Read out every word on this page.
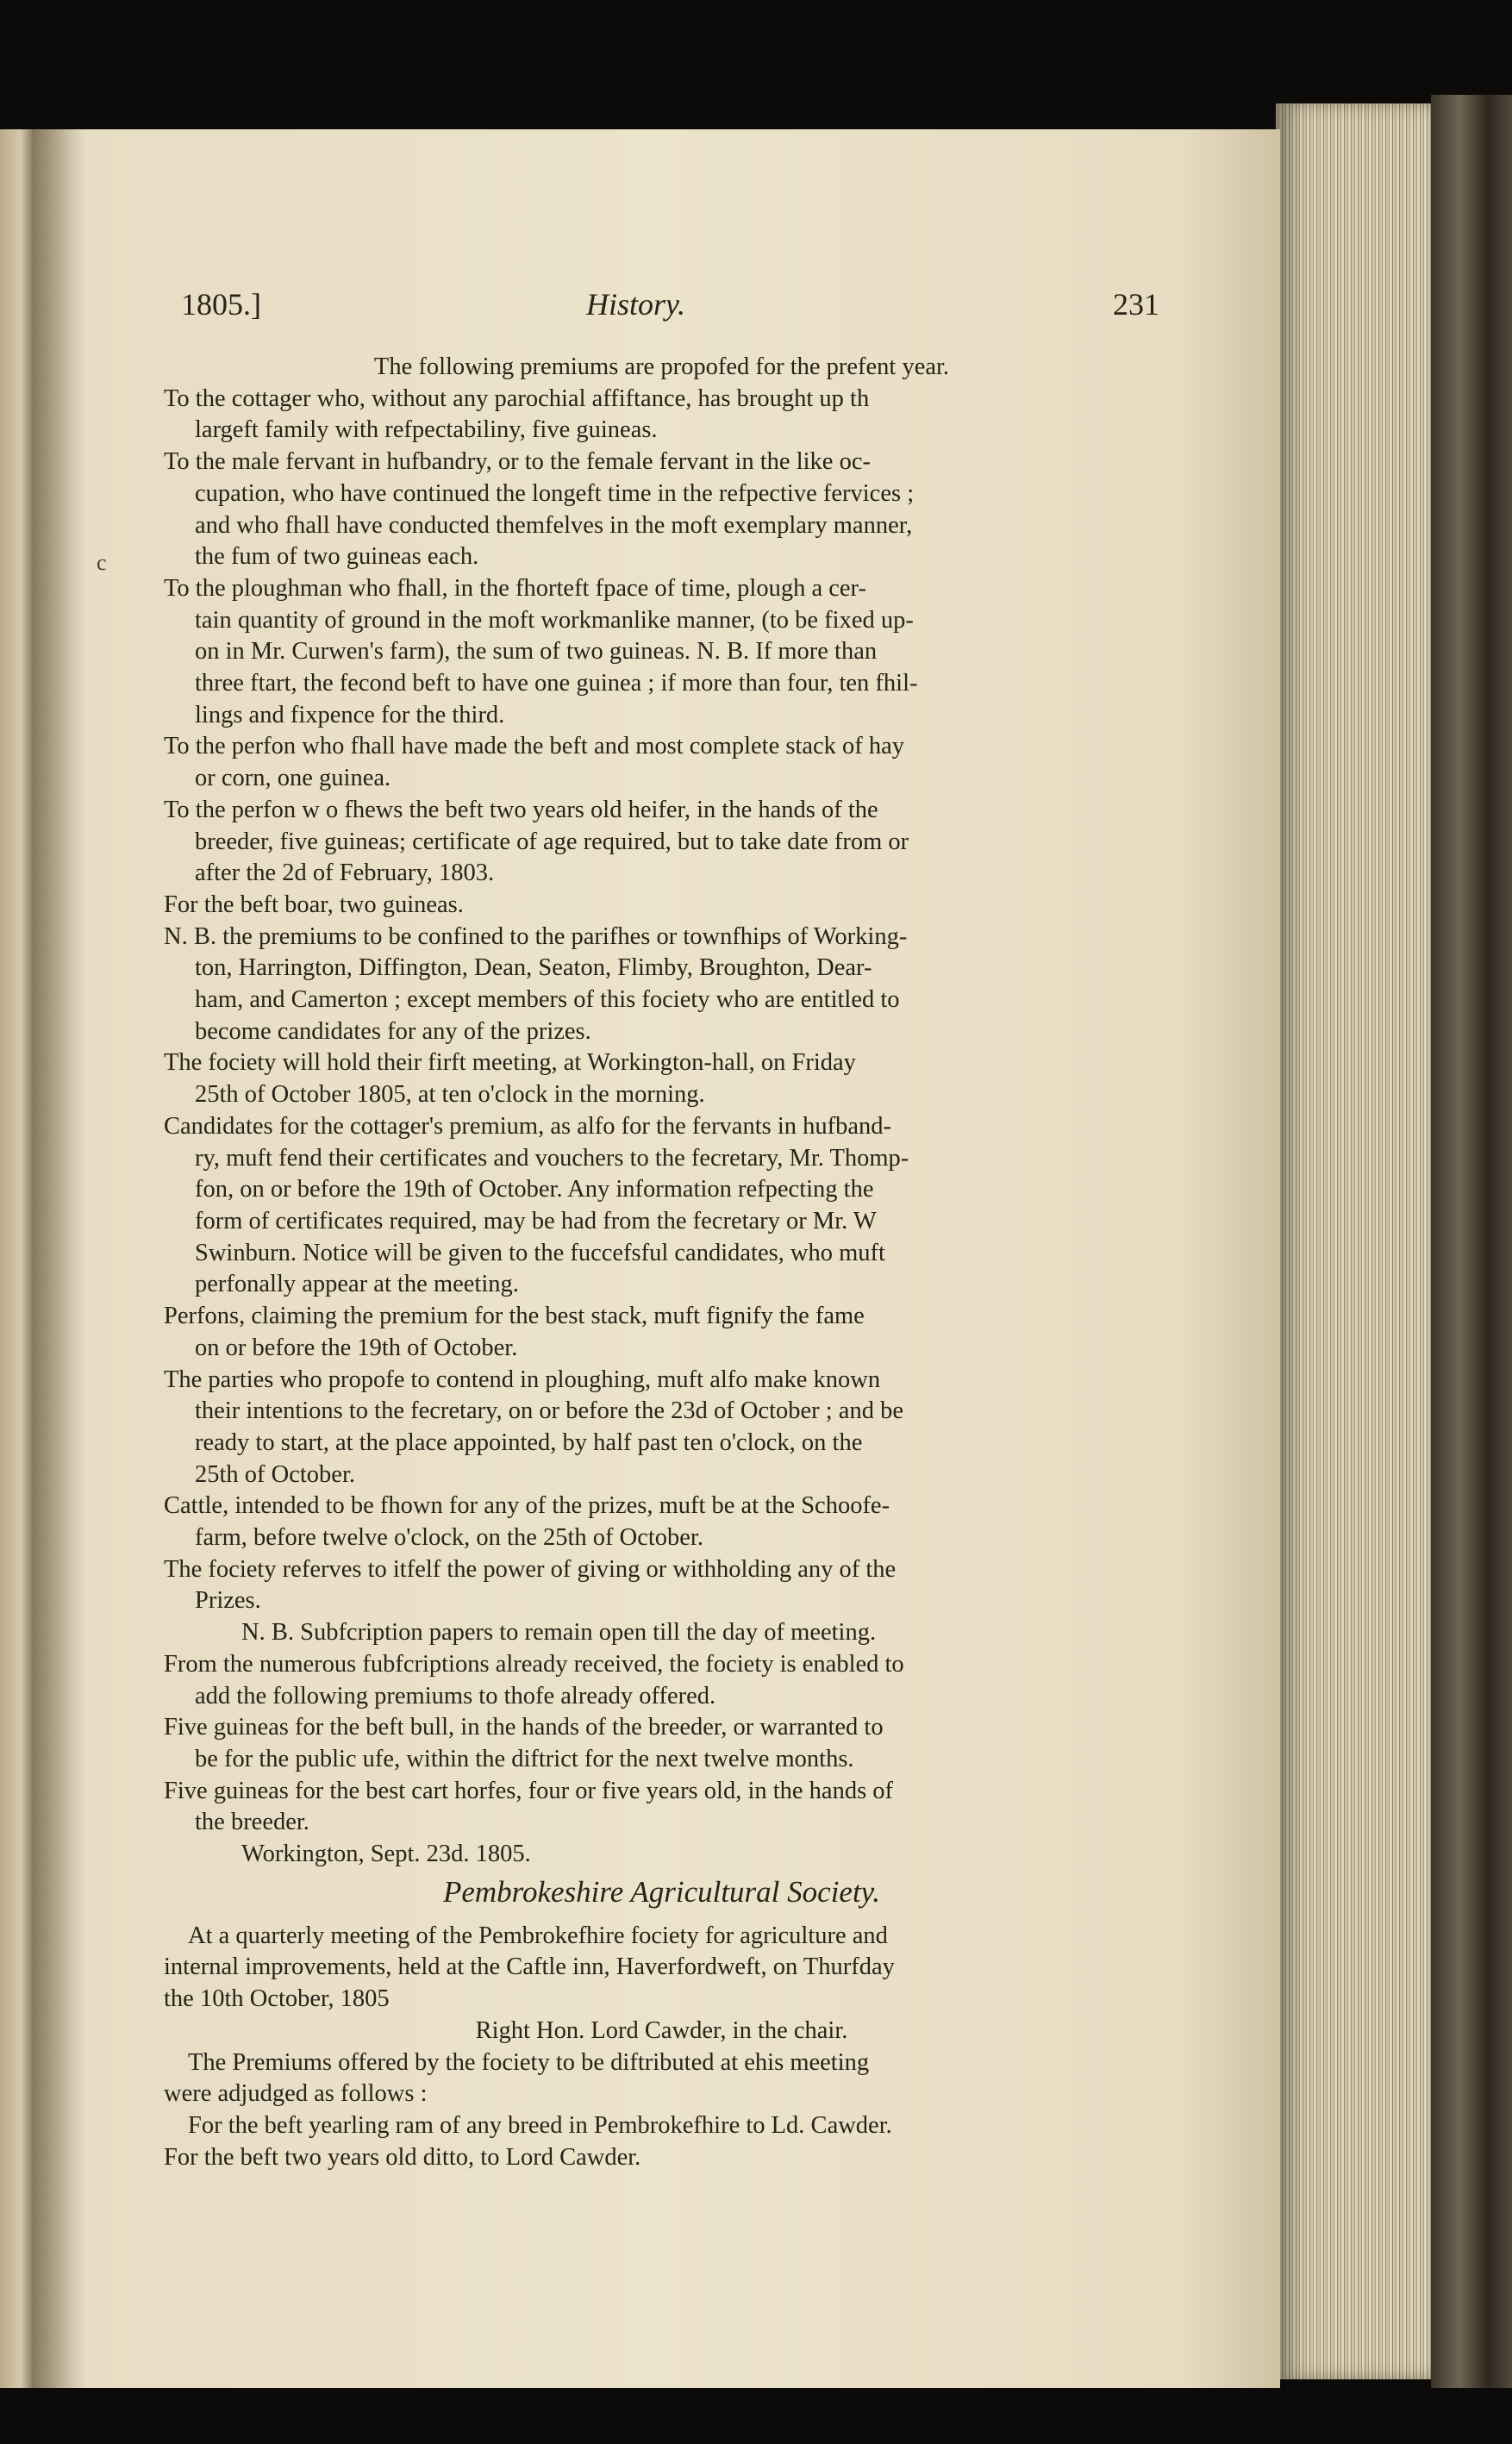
1805.]	History.	231
c

The following premiums are propofed for the prefent year.

To the cottager who, without any parochial affiftance, has brought up th

largeft family with refpectabiliny, five guineas.

To the male fervant in hufbandry, or to the female fervant in the like oc-

cupation, who have continued the longeft time in the refpective fervices ;

and who fhall have conducted themfelves in the moft exemplary manner,

the fum of two guineas each.

To the ploughman who fhall, in the fhorteft fpace of time, plough a cer-

tain quantity of ground in the moft workmanlike manner, (to be fixed up-

on in Mr. Curwen's farm), the sum of two guineas. N. B. If more than

three ftart, the fecond beft to have one guinea ; if more than four, ten fhil-

lings and fixpence for the third.

To the perfon who fhall have made the beft and most complete stack of hay

or corn, one guinea.

To the perfon w o fhews the beft two years old heifer, in the hands of the

breeder, five guineas; certificate of age required, but to take date from or

after the 2d of February, 1803.

For the beft boar, two guineas.

N. B. the premiums to be confined to the parifhes or townfhips of Working-

ton, Harrington, Diffington, Dean, Seaton, Flimby, Broughton, Dear-

ham, and Camerton ; except members of this fociety who are entitled to

become candidates for any of the prizes.

The fociety will hold their firft meeting, at Workington-hall, on Friday

25th of October 1805, at ten o'clock in the morning.

Candidates for the cottager's premium, as alfo for the fervants in hufband-

ry, muft fend their certificates and vouchers to the fecretary, Mr. Thomp-

fon, on or before the 19th of October. Any information refpecting the

form of certificates required, may be had from the fecretary or Mr. W

Swinburn. Notice will be given to the fuccefsful candidates, who muft

perfonally appear at the meeting.

Perfons, claiming the premium for the best stack, muft fignify the fame

on or before the 19th of October.

The parties who propofe to contend in ploughing, muft alfo make known

their intentions to the fecretary, on or before the 23d of October ; and be

ready to start, at the place appointed, by half past ten o'clock, on the

25th of October.

Cattle, intended to be fhown for any of the prizes, muft be at the Schoofe-

farm, before twelve o'clock, on the 25th of October.

The fociety referves to itfelf the power of giving or withholding any of the

Prizes.

N. B. Subfcription papers to remain open till the day of meeting.

From the numerous fubfcriptions already received, the fociety is enabled to

add the following premiums to thofe already offered.

Five guineas for the beft bull, in the hands of the breeder, or warranted to

be for the public ufe, within the diftrict for the next twelve months.

Five guineas for the best cart horfes, four or five years old, in the hands of

the breeder.

Workington, Sept. 23d. 1805.

Pembrokeshire Agricultural Society.

At a quarterly meeting of the Pembrokefhire fociety for agriculture and

internal improvements, held at the Caftle inn, Haverfordweft, on Thurfday

the 10th October, 1805

Right Hon. Lord Cawder, in the chair.

The Premiums offered by the fociety to be diftributed at ehis meeting

were adjudged as follows :

For the beft yearling ram of any breed in Pembrokefhire to Ld. Cawder.

For the beft two years old ditto, to Lord Cawder.
